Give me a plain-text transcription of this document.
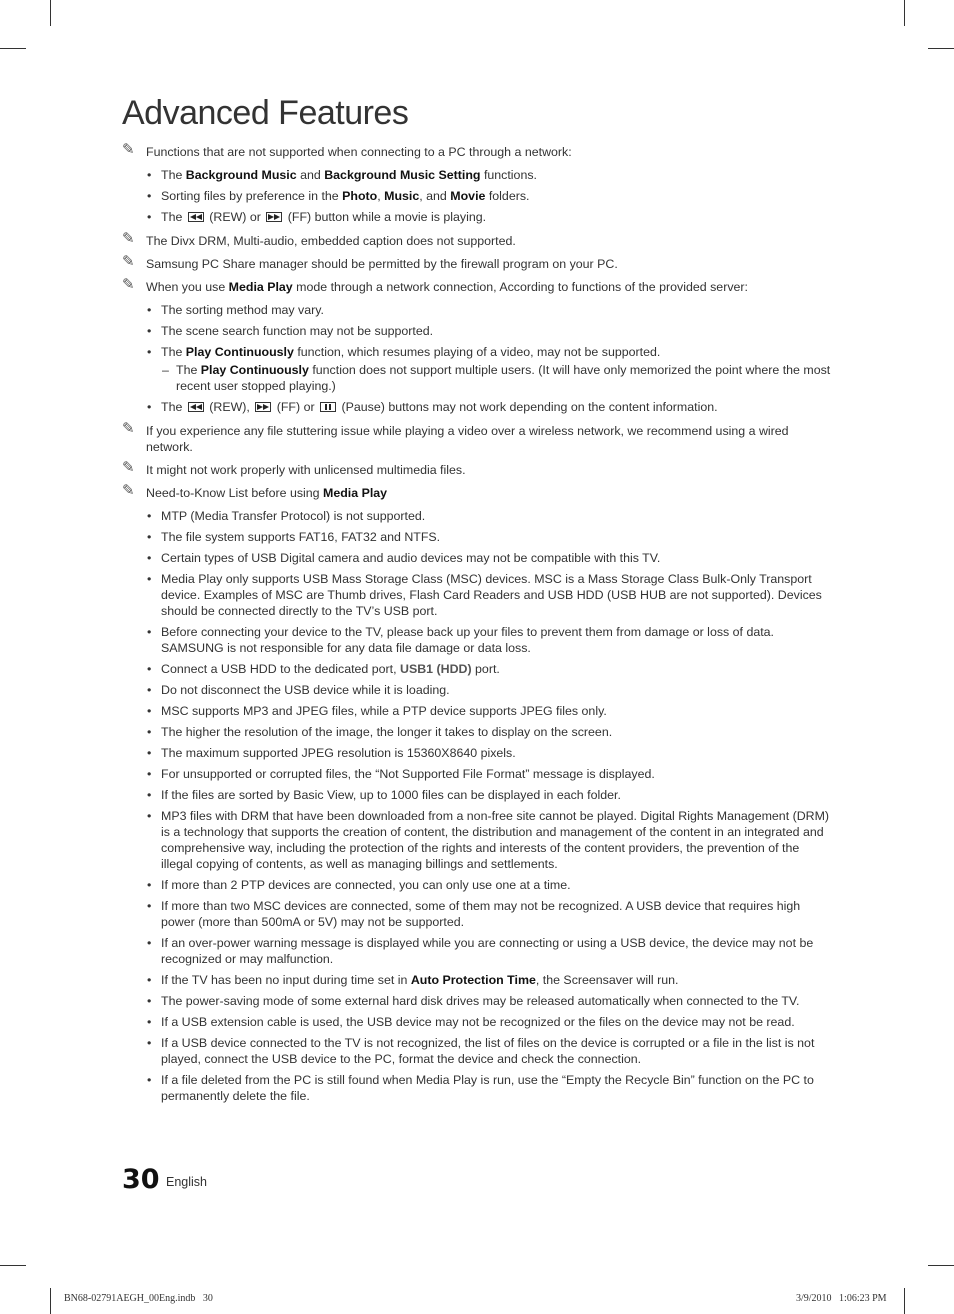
Advanced Features
✎ Functions that are not supported when connecting to a PC through a network:
• The Background Music and Background Music Setting functions.
• Sorting files by preference in the Photo, Music, and Movie folders.
• The
(REW) or
(FF) button while a movie is playing.
✎ The Divx DRM, Multi-audio, embedded caption does not supported.
✎ Samsung PC Share manager should be permitted by the firewall program on your PC.
✎ When you use Media Play mode through a network connection, According to functions of the provided server:
• The sorting method may vary.
• The scene search function may not be supported.
• The Play Continuously function, which resumes playing of a video, may not be supported.
– The Play Continuously function does not support multiple users. (It will have only memorized the point where the most recent user stopped playing.)
• The
(REW),
(FF) or
(Pause) buttons may not work depending on the content information.
✎ If you experience any file stuttering issue while playing a video over a wireless network, we recommend using a wired network.
✎ It might not work properly with unlicensed multimedia files.
✎ Need-to-Know List before using Media Play
• MTP (Media Transfer Protocol) is not supported.
• The file system supports FAT16, FAT32 and NTFS.
• Certain types of USB Digital camera and audio devices may not be compatible with this TV.
• Media Play only supports USB Mass Storage Class (MSC) devices. MSC is a Mass Storage Class Bulk-Only Transport device. Examples of MSC are Thumb drives, Flash Card Readers and USB HDD (USB HUB are not supported). Devices should be connected directly to the TV’s USB port.
• Before connecting your device to the TV, please back up your files to prevent them from damage or loss of data. SAMSUNG is not responsible for any data file damage or data loss.
• Connect a USB HDD to the dedicated port, USB1 (HDD) port.
• Do not disconnect the USB device while it is loading.
• MSC supports MP3 and JPEG files, while a PTP device supports JPEG files only.
• The higher the resolution of the image, the longer it takes to display on the screen.
• The maximum supported JPEG resolution is 15360X8640 pixels.
• For unsupported or corrupted files, the “Not Supported File Format” message is displayed.
• If the files are sorted by Basic View, up to 1000 files can be displayed in each folder.
• MP3 files with DRM that have been downloaded from a non-free site cannot be played. Digital Rights Management (DRM) is a technology that supports the creation of content, the distribution and management of the content in an integrated and comprehensive way, including the protection of the rights and interests of the content providers, the prevention of the illegal copying of contents, as well as managing billings and settlements.
• If more than 2 PTP devices are connected, you can only use one at a time.
• If more than two MSC devices are connected, some of them may not be recognized. A USB device that requires high power (more than 500mA or 5V) may not be supported.
• If an over-power warning message is displayed while you are connecting or using a USB device, the device may not be recognized or may malfunction.
• If the TV has been no input during time set in Auto Protection Time, the Screensaver will run.
• The power-saving mode of some external hard disk drives may be released automatically when connected to the TV.
• If a USB extension cable is used, the USB device may not be recognized or the files on the device may not be read.
• If a USB device connected to the TV is not recognized, the list of files on the device is corrupted or a file in the list is not played, connect the USB device to the PC, format the device and check the connection.
• If a file deleted from the PC is still found when Media Play is run, use the “Empty the Recycle Bin” function on the PC to permanently delete the file.
30 English
BN68-02791AEGH_00Eng.indb   30	3/9/2010   1:06:23 PM
